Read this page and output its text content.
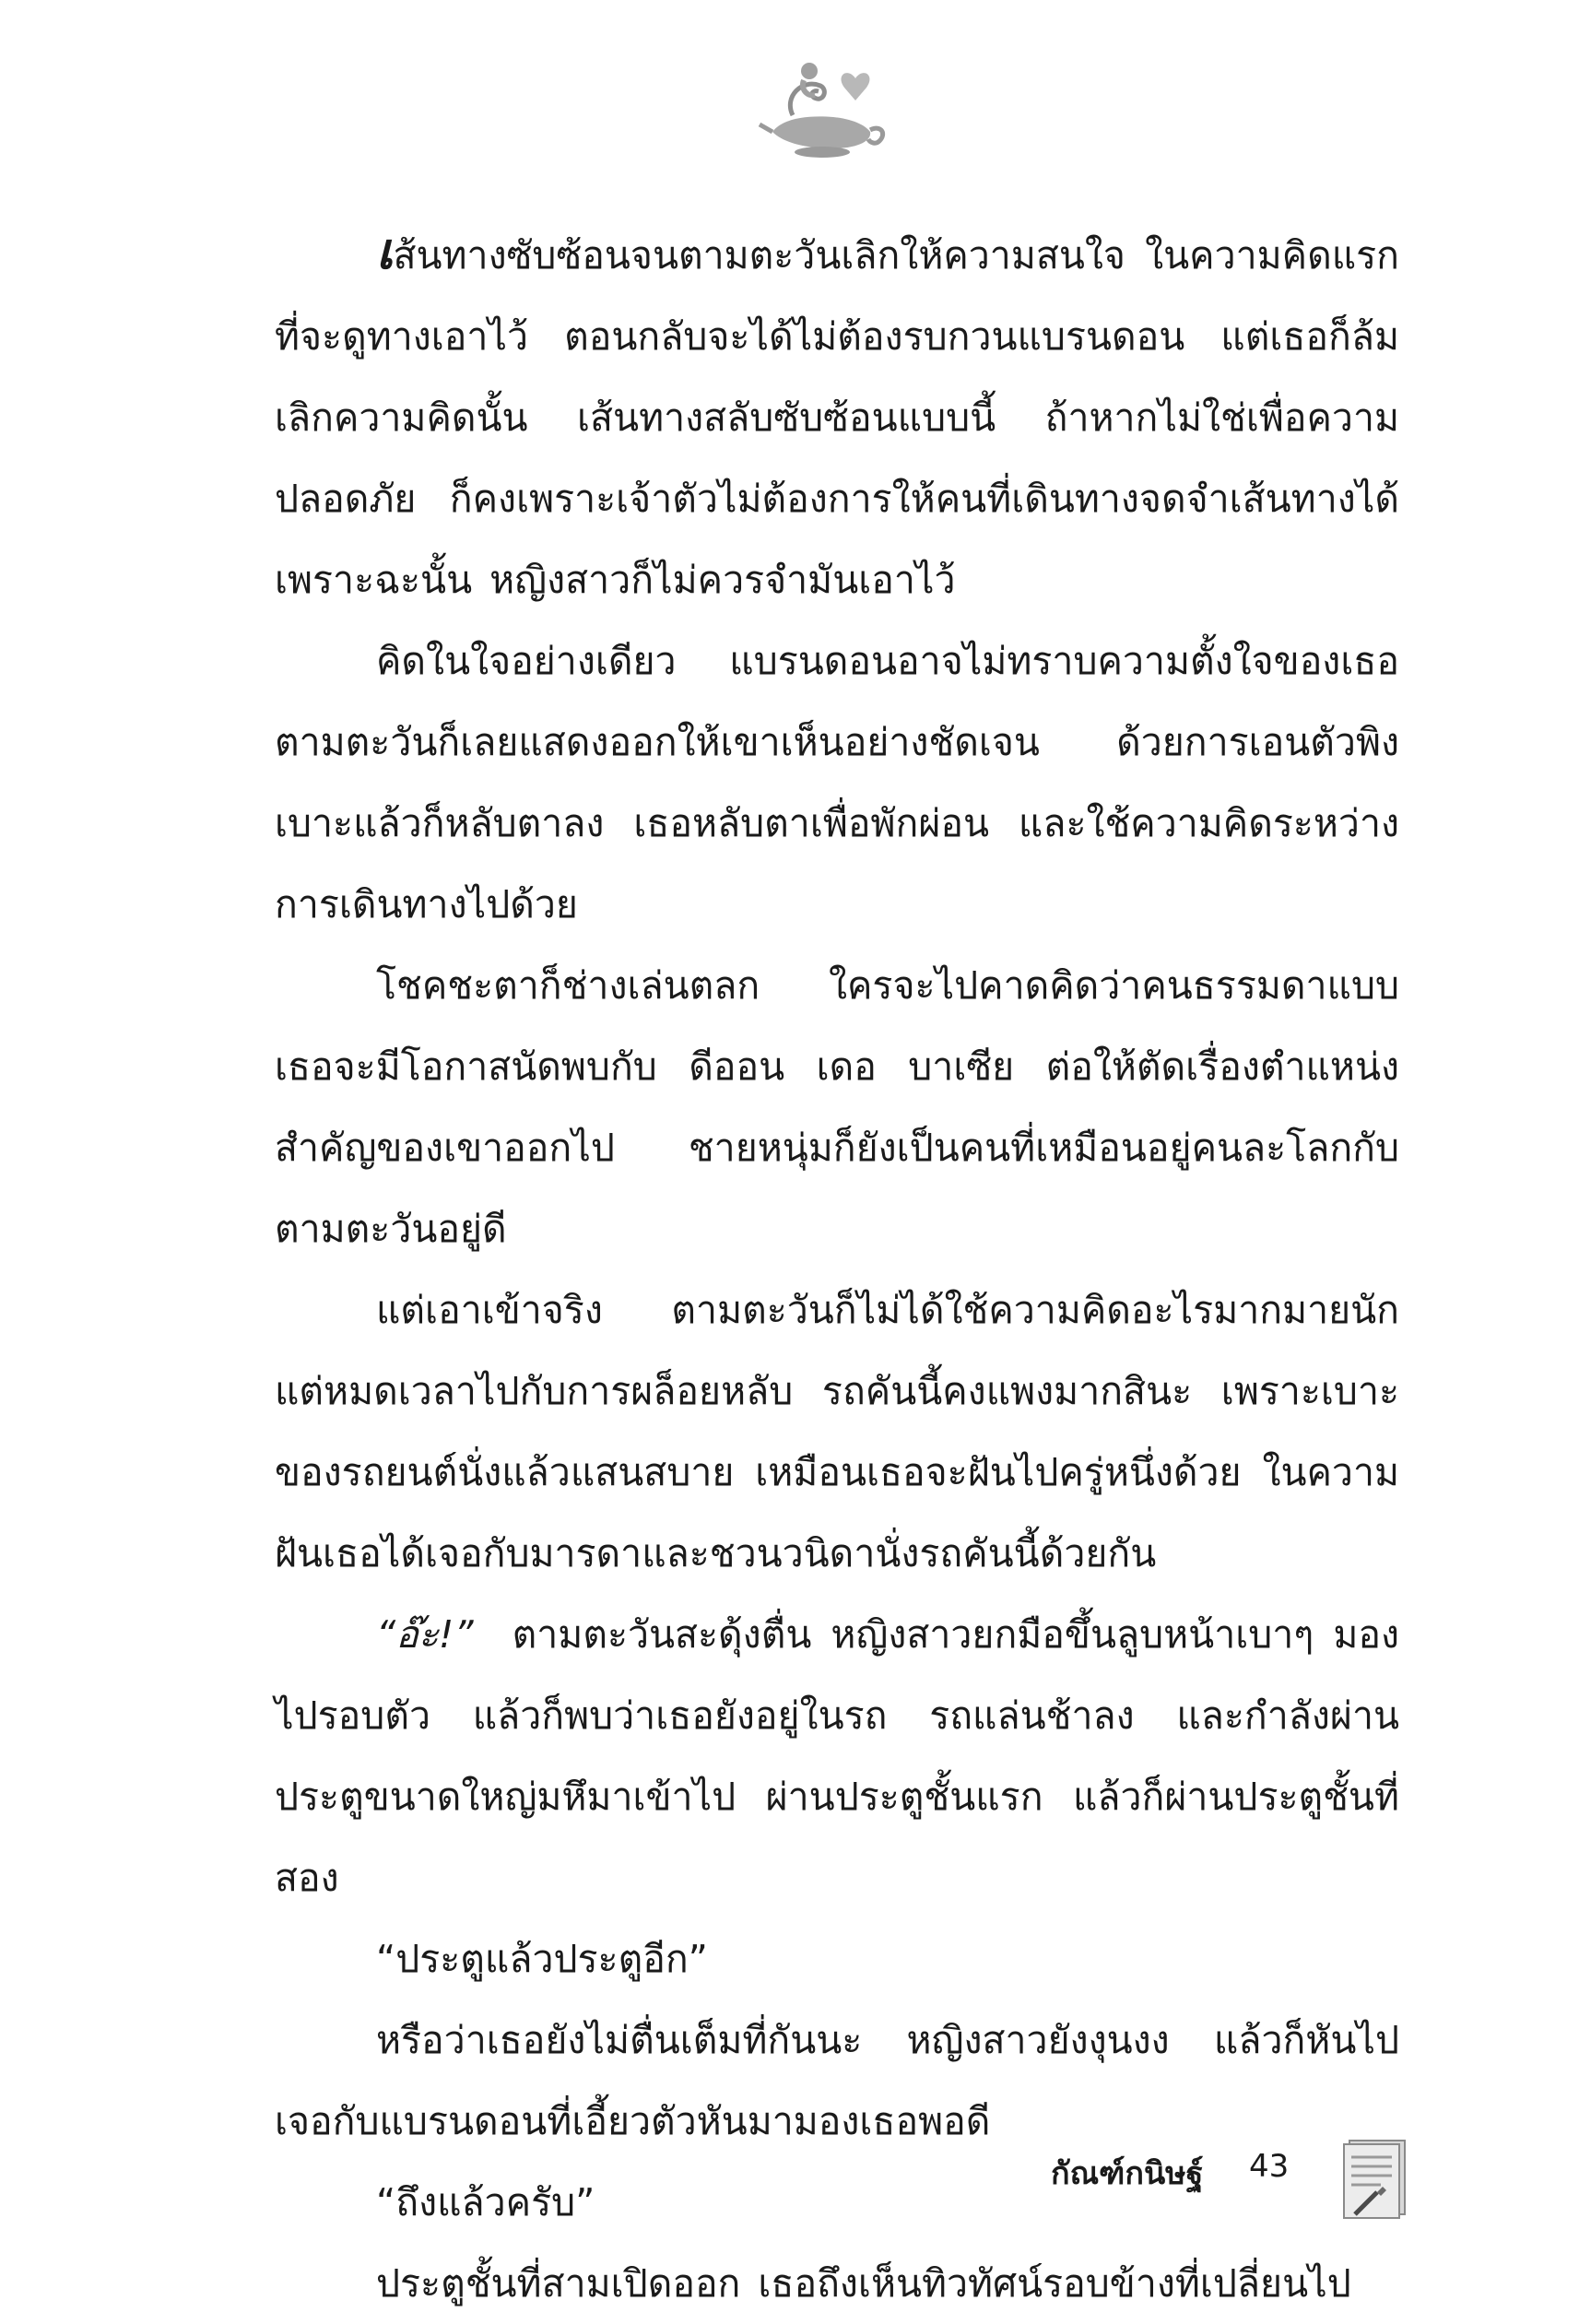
เส้นทางซับซ้อนจนตามตะวันเลิกให้ความสนใจ ในความคิดแรกที่จะดูทางเอาไว้ ตอนกลับจะได้ไม่ต้องรบกวนแบรนดอน แต่เธอก็ล้มเลิกความคิดนั้น เส้นทางสลับซับซ้อนแบบนี้ ถ้าหากไม่ใช่เพื่อความปลอดภัย ก็คงเพราะเจ้าตัวไม่ต้องการให้คนที่เดินทางจดจำเส้นทางได้ เพราะฉะนั้น หญิงสาวก็ไม่ควรจำมันเอาไว้

คิดในใจอย่างเดียว แบรนดอนอาจไม่ทราบความตั้งใจของเธอ ตามตะวันก็เลยแสดงออกให้เขาเห็นอย่างชัดเจน ด้วยการเอนตัวพิงเบาะแล้วก็หลับตาลง เธอหลับตาเพื่อพักผ่อน และใช้ความคิดระหว่างการเดินทางไปด้วย

โชคชะตาก็ช่างเล่นตลก ใครจะไปคาดคิดว่าคนธรรมดาแบบเธอจะมีโอกาสนัดพบกับ ดีออน เดอ บาเซีย ต่อให้ตัดเรื่องตำแหน่งสำคัญของเขาออกไป ชายหนุ่มก็ยังเป็นคนที่เหมือนอยู่คนละโลกกับตามตะวันอยู่ดี

แต่เอาเข้าจริง ตามตะวันก็ไม่ได้ใช้ความคิดอะไรมากมายนัก แต่หมดเวลาไปกับการผล็อยหลับ รถคันนี้คงแพงมากสินะ เพราะเบาะของรถยนต์นั่งแล้วแสนสบาย เหมือนเธอจะฝันไปครู่หนึ่งด้วย ในความฝันเธอได้เจอกับมารดาและชวนวนิดานั่งรถคันนี้ด้วยกัน

“อ๊ะ!” ตามตะวันสะดุ้งตื่น หญิงสาวยกมือขึ้นลูบหน้าเบาๆ มองไปรอบตัว แล้วก็พบว่าเธอยังอยู่ในรถ รถแล่นช้าลง และกำลังผ่านประตูขนาดใหญ่มหึมาเข้าไป ผ่านประตูชั้นแรก แล้วก็ผ่านประตูชั้นที่สอง

“ประตูแล้วประตูอีก”

หรือว่าเธอยังไม่ตื่นเต็มที่กันนะ หญิงสาวยังงุนงง แล้วก็หันไปเจอกับแบรนดอนที่เอี้ยวตัวหันมามองเธอพอดี

“ถึงแล้วครับ”

ประตูชั้นที่สามเปิดออก เธอถึงเห็นทิวทัศน์รอบข้างที่เปลี่ยนไป

กัณฑ์กนิษฐ์ 43
